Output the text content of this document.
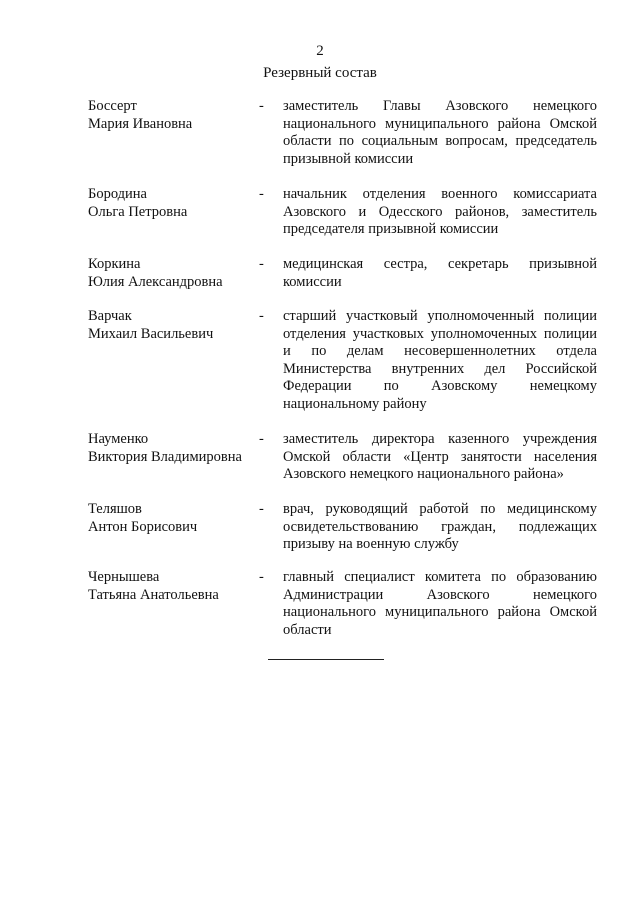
2
Резервный состав
Боссерт
Мария Ивановна
- заместитель Главы Азовского немецкого национального муниципального района Омской области по социальным вопросам, председатель призывной комиссии
Бородина
Ольга Петровна
- начальник отделения военного комиссариата Азовского и Одесского районов, заместитель председателя призывной комиссии
Коркина
Юлия Александровна
- медицинская сестра, секретарь призывной комиссии
Варчак
Михаил Васильевич
- старший участковый уполномоченный полиции отделения участковых уполномоченных полиции и по делам несовершеннолетних отдела Министерства внутренних дел Российской Федерации по Азовскому немецкому национальному району
Науменко
Виктория Владимировна
- заместитель директора казенного учреждения Омской области «Центр занятости населения Азовского немецкого национального района»
Теляшов
Антон Борисович
- врач, руководящий работой по медицинскому освидетельствованию граждан, подлежащих призыву на военную службу
Чернышева
Татьяна Анатольевна
- главный специалист комитета по образованию Администрации Азовского немецкого национального муниципального района Омской области
